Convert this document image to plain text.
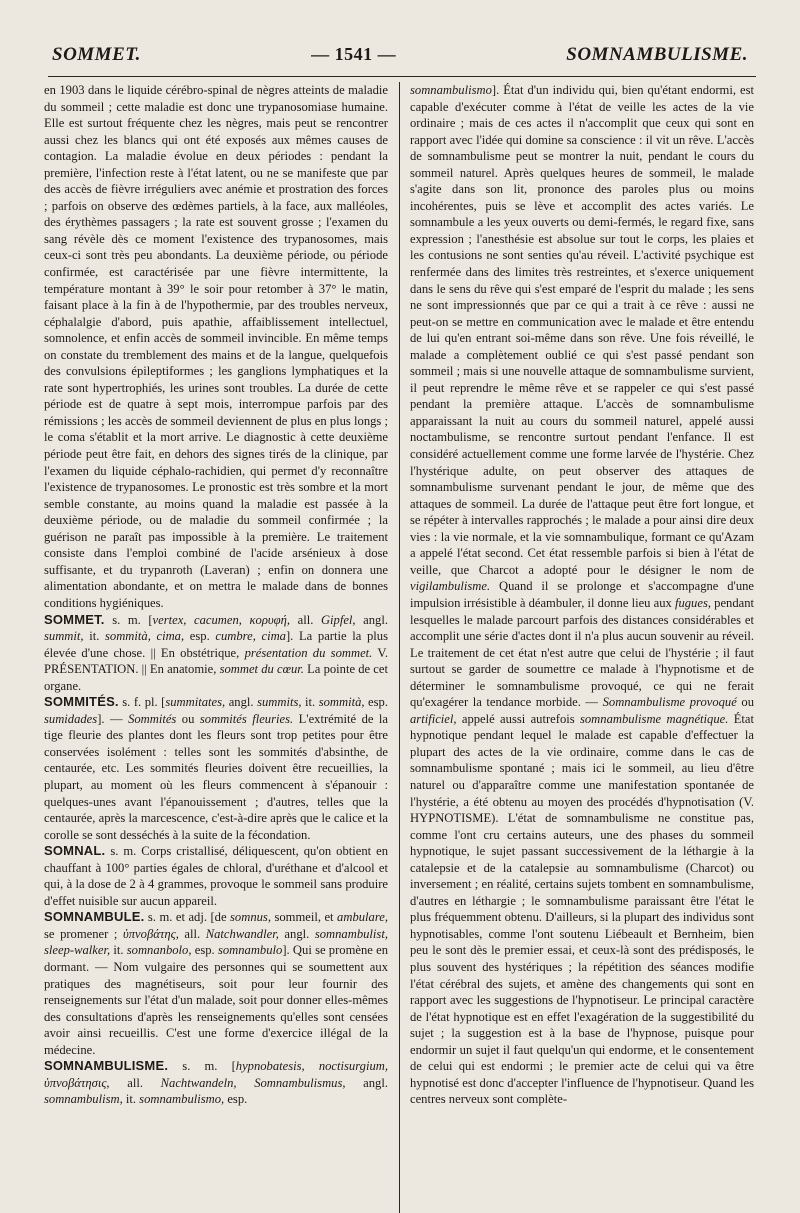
SOMMET.	— 1541 —	SOMNAMBULISME.

en 1903 dans le liquide cérébro-spinal de nègres atteints de maladie du sommeil ; cette maladie est donc une trypanosomiase humaine. Elle est surtout fréquente chez les nègres, mais peut se rencontrer aussi chez les blancs qui ont été exposés aux mêmes causes de contagion. La maladie évolue en deux périodes : pendant la première, l'infection reste à l'état latent, ou ne se manifeste que par des accès de fièvre irréguliers avec anémie et prostration des forces ; parfois on observe des œdèmes partiels, à la face, aux malléoles, des érythèmes passagers ; la rate est souvent grosse ; l'examen du sang révèle dès ce moment l'existence des trypanosomes, mais ceux-ci sont très peu abondants. La deuxième période, ou période confirmée, est caractérisée par une fièvre intermittente, la température montant à 39° le soir pour retomber à 37° le matin, faisant place à la fin à de l'hypothermie, par des troubles nerveux, céphalalgie d'abord, puis apathie, affaiblissement intellectuel, somnolence, et enfin accès de sommeil invincible. En même temps on constate du tremblement des mains et de la langue, quelquefois des convulsions épileptiformes ; les ganglions lymphatiques et la rate sont hypertrophiés, les urines sont troubles. La durée de cette période est de quatre à sept mois, interrompue parfois par des rémissions ; les accès de sommeil deviennent de plus en plus longs ; le coma s'établit et la mort arrive. Le diagnostic à cette deuxième période peut être fait, en dehors des signes tirés de la clinique, par l'examen du liquide céphalo-rachidien, qui permet d'y reconnaître l'existence de trypanosomes. Le pronostic est très sombre et la mort semble constante, au moins quand la maladie est passée à la deuxième période, ou de maladie du sommeil confirmée ; la guérison ne paraît pas impossible à la première. Le traitement consiste dans l'emploi combiné de l'acide arsénieux à dose suffisante, et du trypanroth (Laveran) ; enfin on donnera une alimentation abondante, et on mettra le malade dans de bonnes conditions hygiéniques.

SOMMET. s. m. [vertex, cacumen, κορυφή, all. Gipfel, angl. summit, it. sommità, cima, esp. cumbre, cima]. La partie la plus élevée d'une chose. || En obstétrique, présentation du sommet. V. PRÉSENTATION. || En anatomie, sommet du cœur. La pointe de cet organe.

SOMMITÉS. s. f. pl. [summitates, angl. summits, it. sommità, esp. sumidades]. — Sommités ou sommités fleuries. L'extrémité de la tige fleurie des plantes dont les fleurs sont trop petites pour être conservées isolément : telles sont les sommités d'absinthe, de centaurée, etc. Les sommités fleuries doivent être recueillies, la plupart, au moment où les fleurs commencent à s'épanouir : quelques-unes avant l'épanouissement ; d'autres, telles que la centaurée, après la marcescence, c'est-à-dire après que le calice et la corolle se sont desséchés à la suite de la fécondation.

SOMNAL. s. m. Corps cristallisé, déliquescent, qu'on obtient en chauffant à 100° parties égales de chloral, d'uréthane et d'alcool et qui, à la dose de 2 à 4 grammes, provoque le sommeil sans produire d'effet nuisible sur aucun appareil.

SOMNAMBULE. s. m. et adj. [de somnus, sommeil, et ambulare, se promener ; ὑπνοβάτης, all. Natchwandler, angl. somnambulist, sleep-walker, it. somnanbolo, esp. somnambulo]. Qui se promène en dormant. — Nom vulgaire des personnes qui se soumettent aux pratiques des magnétiseurs, soit pour leur fournir des renseignements sur l'état d'un malade, soit pour donner elles-mêmes des consultations d'après les renseignements qu'elles sont censées avoir ainsi recueillis. C'est une forme d'exercice illégal de la médecine.

SOMNAMBULISME. s. m. [hypnobatesis, noctisurgium, ὑπνοβάτησις, all. Nachtwandeln, Somnambulismus, angl. somnambulism, it. somnambulismo, esp.

somnambulismo]. État d'un individu qui, bien qu'étant endormi, est capable d'exécuter comme à l'état de veille les actes de la vie ordinaire ; mais de ces actes il n'accomplit que ceux qui sont en rapport avec l'idée qui domine sa conscience : il vit un rêve. L'accès de somnambulisme peut se montrer la nuit, pendant le cours du sommeil naturel. Après quelques heures de sommeil, le malade s'agite dans son lit, prononce des paroles plus ou moins incohérentes, puis se lève et accomplit des actes variés. Le somnambule a les yeux ouverts ou demi-fermés, le regard fixe, sans expression ; l'anesthésie est absolue sur tout le corps, les plaies et les contusions ne sont senties qu'au réveil. L'activité psychique est renfermée dans des limites très restreintes, et s'exerce uniquement dans le sens du rêve qui s'est emparé de l'esprit du malade ; les sens ne sont impressionnés que par ce qui a trait à ce rêve : aussi ne peut-on se mettre en communication avec le malade et être entendu de lui qu'en entrant soi-même dans son rêve. Une fois réveillé, le malade a complètement oublié ce qui s'est passé pendant son sommeil ; mais si une nouvelle attaque de somnambulisme survient, il peut reprendre le même rêve et se rappeler ce qui s'est passé pendant la première attaque. L'accès de somnambulisme apparaissant la nuit au cours du sommeil naturel, appelé aussi noctambulisme, se rencontre surtout pendant l'enfance. Il est considéré actuellement comme une forme larvée de l'hystérie. Chez l'hystérique adulte, on peut observer des attaques de somnambulisme survenant pendant le jour, de même que des attaques de sommeil. La durée de l'attaque peut être fort longue, et se répéter à intervalles rapprochés ; le malade a pour ainsi dire deux vies : la vie normale, et la vie somnambulique, formant ce qu'Azam a appelé l'état second. Cet état ressemble parfois si bien à l'état de veille, que Charcot a adopté pour le désigner le nom de vigilambulisme. Quand il se prolonge et s'accompagne d'une impulsion irrésistible à déambuler, il donne lieu aux fugues, pendant lesquelles le malade parcourt parfois des distances considérables et accomplit une série d'actes dont il n'a plus aucun souvenir au réveil. Le traitement de cet état n'est autre que celui de l'hystérie ; il faut surtout se garder de soumettre ce malade à l'hypnotisme et de déterminer le somnambulisme provoqué, ce qui ne ferait qu'exagérer la tendance morbide. — Somnambulisme provoqué ou artificiel, appelé aussi autrefois somnambulisme magnétique. État hypnotique pendant lequel le malade est capable d'effectuer la plupart des actes de la vie ordinaire, comme dans le cas de somnambulisme spontané ; mais ici le sommeil, au lieu d'être naturel ou d'apparaître comme une manifestation spontanée de l'hystérie, a été obtenu au moyen des procédés d'hypnotisation (V. HYPNOTISME). L'état de somnambulisme ne constitue pas, comme l'ont cru certains auteurs, une des phases du sommeil hypnotique, le sujet passant successivement de la léthargie à la catalepsie et de la catalepsie au somnambulisme (Charcot) ou inversement ; en réalité, certains sujets tombent en somnambulisme, d'autres en léthargie ; le somnambulisme paraissant être l'état le plus fréquemment obtenu. D'ailleurs, si la plupart des individus sont hypnotisables, comme l'ont soutenu Liébeault et Bernheim, bien peu le sont dès le premier essai, et ceux-là sont des prédisposés, le plus souvent des hystériques ; la répétition des séances modifie l'état cérébral des sujets, et amène des changements qui sont en rapport avec les suggestions de l'hypnotiseur. Le principal caractère de l'état hypnotique est en effet l'exagération de la suggestibilité du sujet ; la suggestion est à la base de l'hypnose, puisque pour endormir un sujet il faut quelqu'un qui endorme, et le consentement de celui qui est endormi ; le premier acte de celui qui va être hypnotisé est donc d'accepter l'influence de l'hypnotiseur. Quand les centres nerveux sont complète-
